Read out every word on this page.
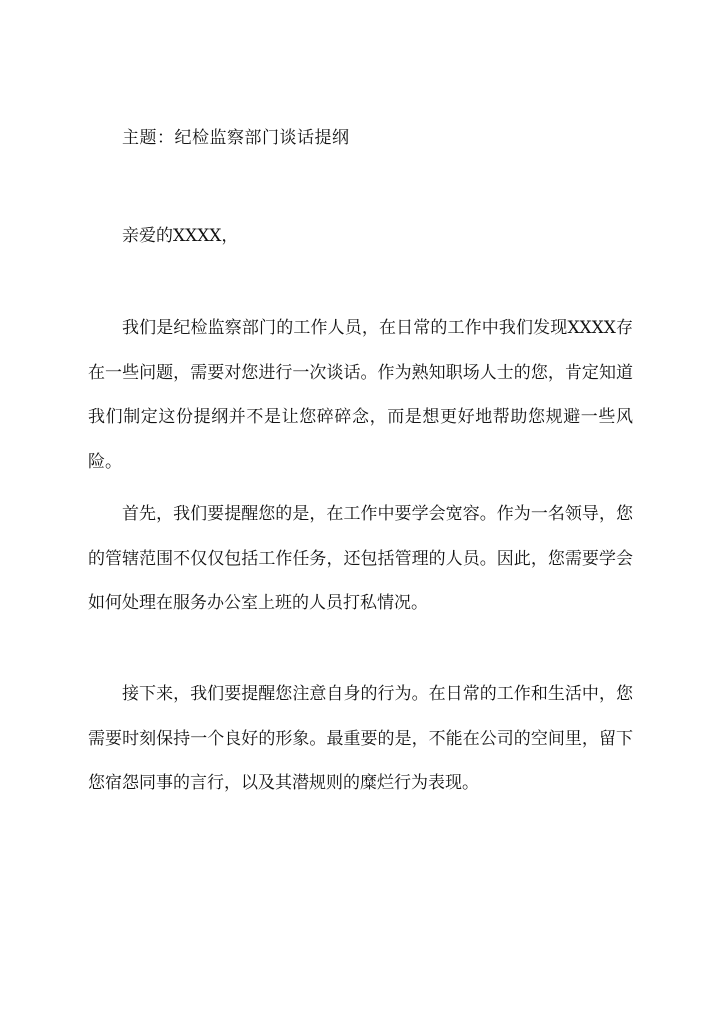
主题：纪检监察部门谈话提纲
亲爱的XXXX，

我们是纪检监察部门的工作人员，在日常的工作中我们发现XXXX存在一些问题，需要对您进行一次谈话。作为熟知职场人士的您，肯定知道我们制定这份提纲并不是让您碎碎念，而是想更好地帮助您规避一些风险。

首先，我们要提醒您的是，在工作中要学会宽容。作为一名领导，您的管辖范围不仅仅包括工作任务，还包括管理的人员。因此，您需要学会如何处理在服务办公室上班的人员打私情况。

接下来，我们要提醒您注意自身的行为。在日常的工作和生活中，您需要时刻保持一个良好的形象。最重要的是，不能在公司的空间里，留下您宿怨同事的言行，以及其潜规则的糜烂行为表现。
